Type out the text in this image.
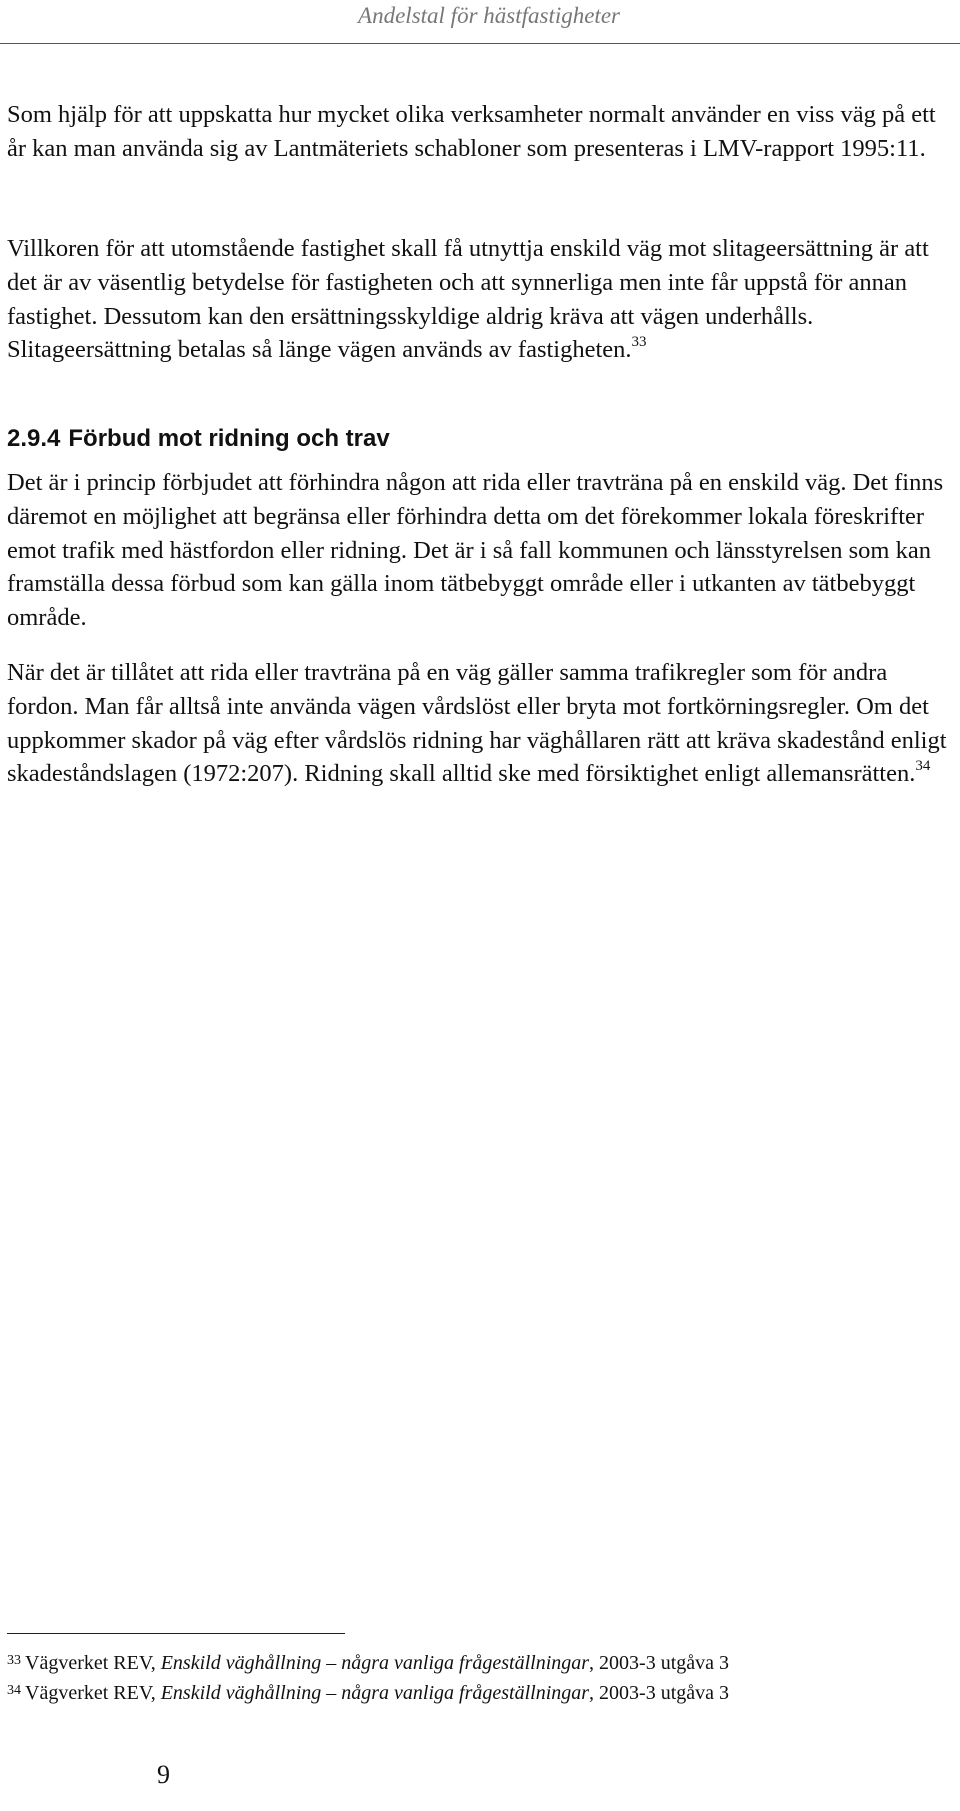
Andelstal för hästfastigheter

Som hjälp för att uppskatta hur mycket olika verksamheter normalt använder en viss väg på ett år kan man använda sig av Lantmäteriets schabloner som presenteras i LMV-rapport 1995:11.

Villkoren för att utomstående fastighet skall få utnyttja enskild väg mot slitageersättning är att det är av väsentlig betydelse för fastigheten och att synnerliga men inte får uppstå för annan fastighet. Dessutom kan den ersättningsskyldige aldrig kräva att vägen underhålls. Slitageersättning betalas så länge vägen används av fastigheten.$^{33}$

2.9.4 Förbud mot ridning och trav

Det är i princip förbjudet att förhindra någon att rida eller travträna på en enskild väg. Det finns däremot en möjlighet att begränsa eller förhindra detta om det förekommer lokala föreskrifter emot trafik med hästfordon eller ridning. Det är i så fall kommunen och länsstyrelsen som kan framställa dessa förbud som kan gälla inom tätbebyggt område eller i utkanten av tätbebyggt område.

När det är tillåtet att rida eller travträna på en väg gäller samma trafikregler som för andra fordon. Man får alltså inte använda vägen vårdslöst eller bryta mot fortkörningsregler. Om det uppkommer skador på väg efter vårdslös ridning har väghållaren rätt att kräva skadestånd enligt skadeståndslagen (1972:207). Ridning skall alltid ske med försiktighet enligt allemansrätten.$^{34}$

$^{33}$ Vägverket REV, Enskild väghållning – några vanliga frågeställningar, 2003-3 utgåva 3
$^{34}$ Vägverket REV, Enskild väghållning – några vanliga frågeställningar, 2003-3 utgåva 3
9
